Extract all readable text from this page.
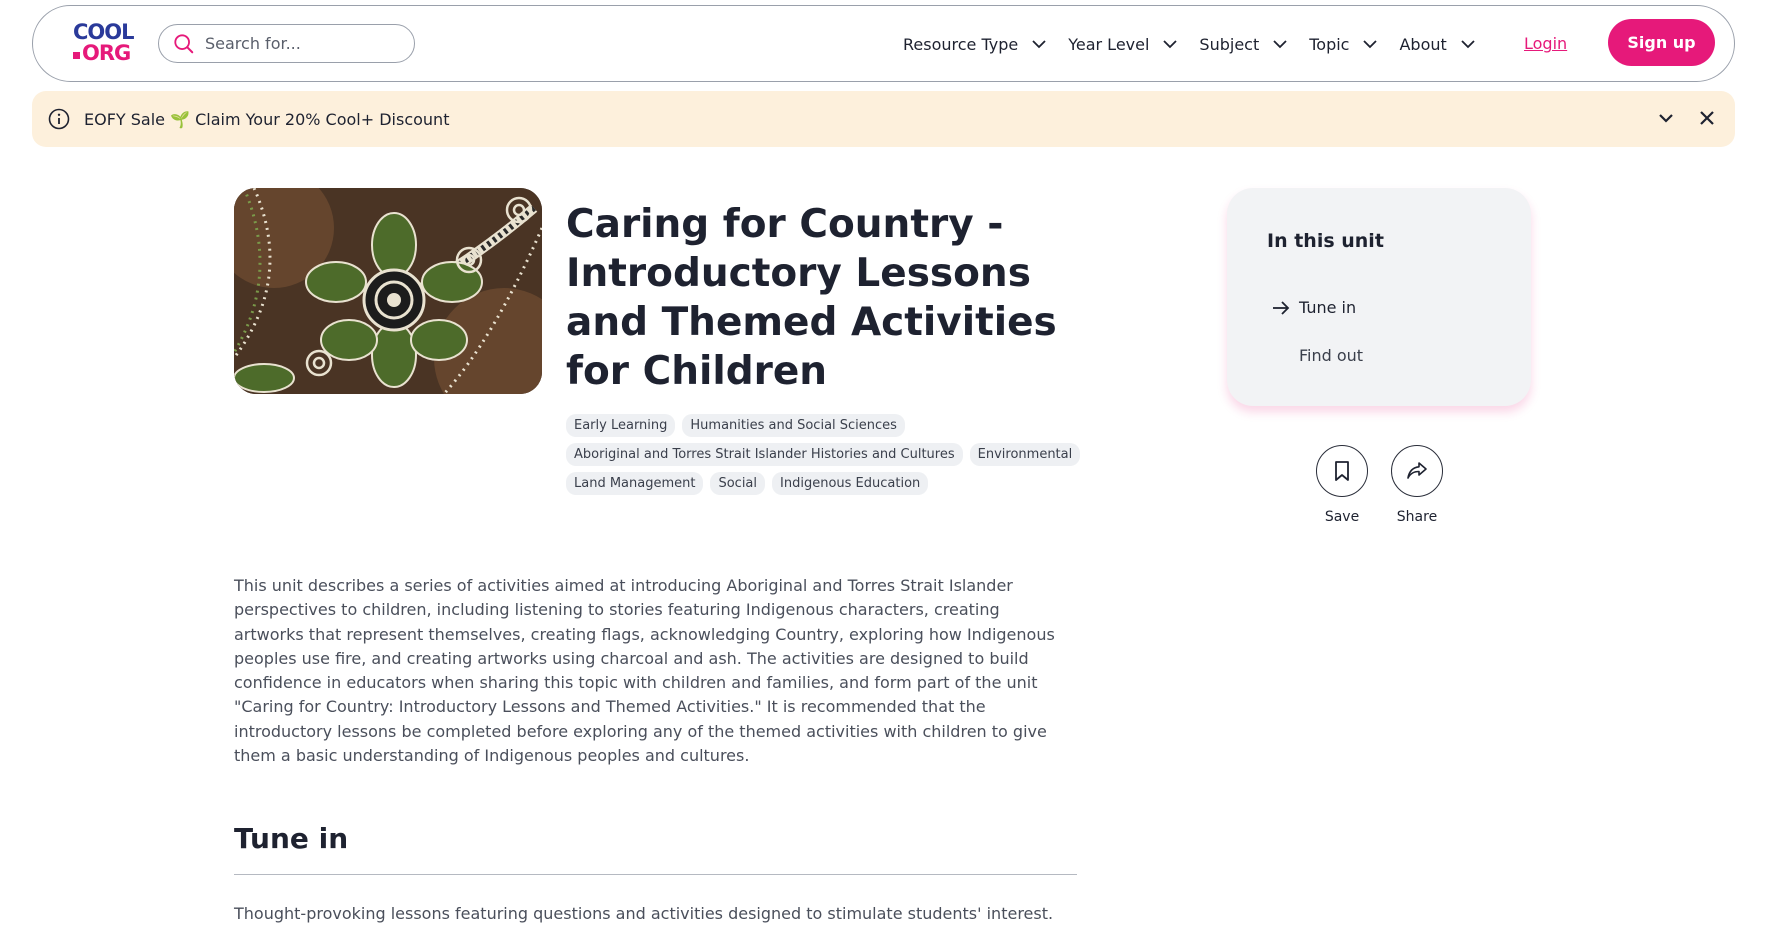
COOL
ORG
Search for...	Resource Type	Year Level	Subject	Topic	About	Login	Sign up
EOFY Sale 🌱 Claim Your 20% Cool+ Discount
Caring for Country - Introductory Lessons and Themed Activities for Children
Early Learning	Humanities and Social Sciences
Aboriginal and Torres Strait Islander Histories and Cultures	Environmental
Land Management	Social	Indigenous Education
In this unit
Tune in
Find out
Save	Share

This unit describes a series of activities aimed at introducing Aboriginal and Torres Strait Islander perspectives to children, including listening to stories featuring Indigenous characters, creating artworks that represent themselves, creating flags, acknowledging Country, exploring how Indigenous peoples use fire, and creating artworks using charcoal and ash. The activities are designed to build confidence in educators when sharing this topic with children and families, and form part of the unit "Caring for Country: Introductory Lessons and Themed Activities." It is recommended that the introductory lessons be completed before exploring any of the themed activities with children to give them a basic understanding of Indigenous peoples and cultures.

Tune in

Thought-provoking lessons featuring questions and activities designed to stimulate students' interest.
